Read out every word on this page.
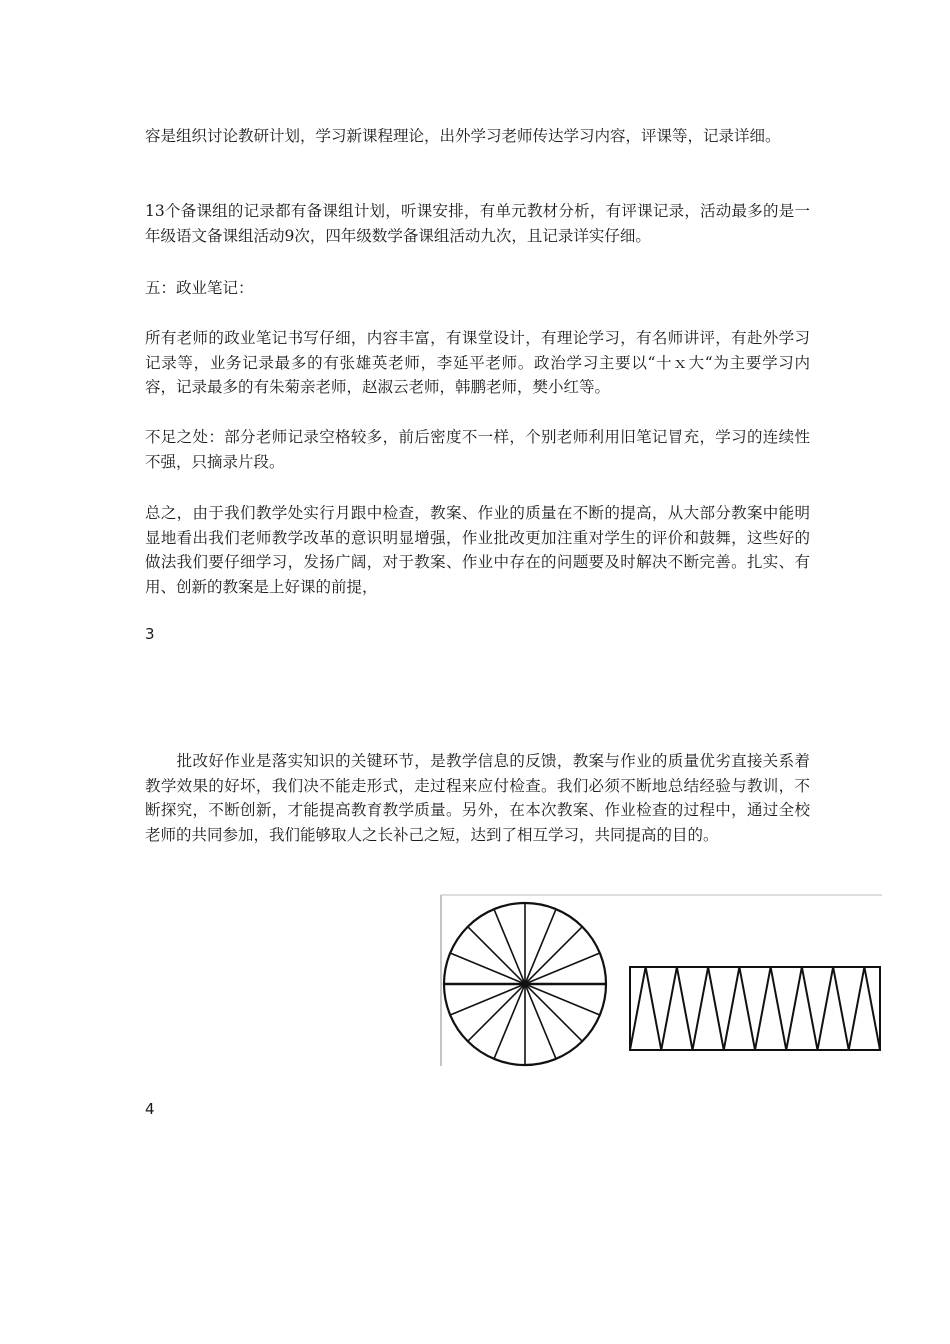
容是组织讨论教研计划，学习新课程理论，出外学习老师传达学习内容，评课等，记录详细。

13个备课组的记录都有备课组计划，听课安排，有单元教材分析，有评课记录，活动最多的是一年级语文备课组活动9次，四年级数学备课组活动九次，且记录详实仔细。

五：政业笔记：

所有老师的政业笔记书写仔细，内容丰富，有课堂设计，有理论学习，有名师讲评，有赴外学习记录等，业务记录最多的有张雄英老师，李延平老师。政治学习主要以“十ｘ大“为主要学习内容，记录最多的有朱菊亲老师，赵淑云老师，韩鹏老师，樊小红等。

不足之处：部分老师记录空格较多，前后密度不一样，个别老师利用旧笔记冒充，学习的连续性不强，只摘录片段。

总之，由于我们教学处实行月跟中检查，教案、作业的质量在不断的提高，从大部分教案中能明显地看出我们老师教学改革的意识明显增强，作业批改更加注重对学生的评价和鼓舞，这些好的做法我们要仔细学习，发扬广阔，对于教案、作业中存在的问题要及时解决不断完善。扎实、有用、创新的教案是上好课的前提，

3

　　批改好作业是落实知识的关键环节，是教学信息的反馈，教案与作业的质量优劣直接关系着教学效果的好坏，我们决不能走形式，走过程来应付检查。我们必须不断地总结经验与教训，不断探究，不断创新，才能提高教育教学质量。另外，在本次教案、作业检查的过程中，通过全校老师的共同参加，我们能够取人之长补己之短，达到了相互学习，共同提高的目的。

4
